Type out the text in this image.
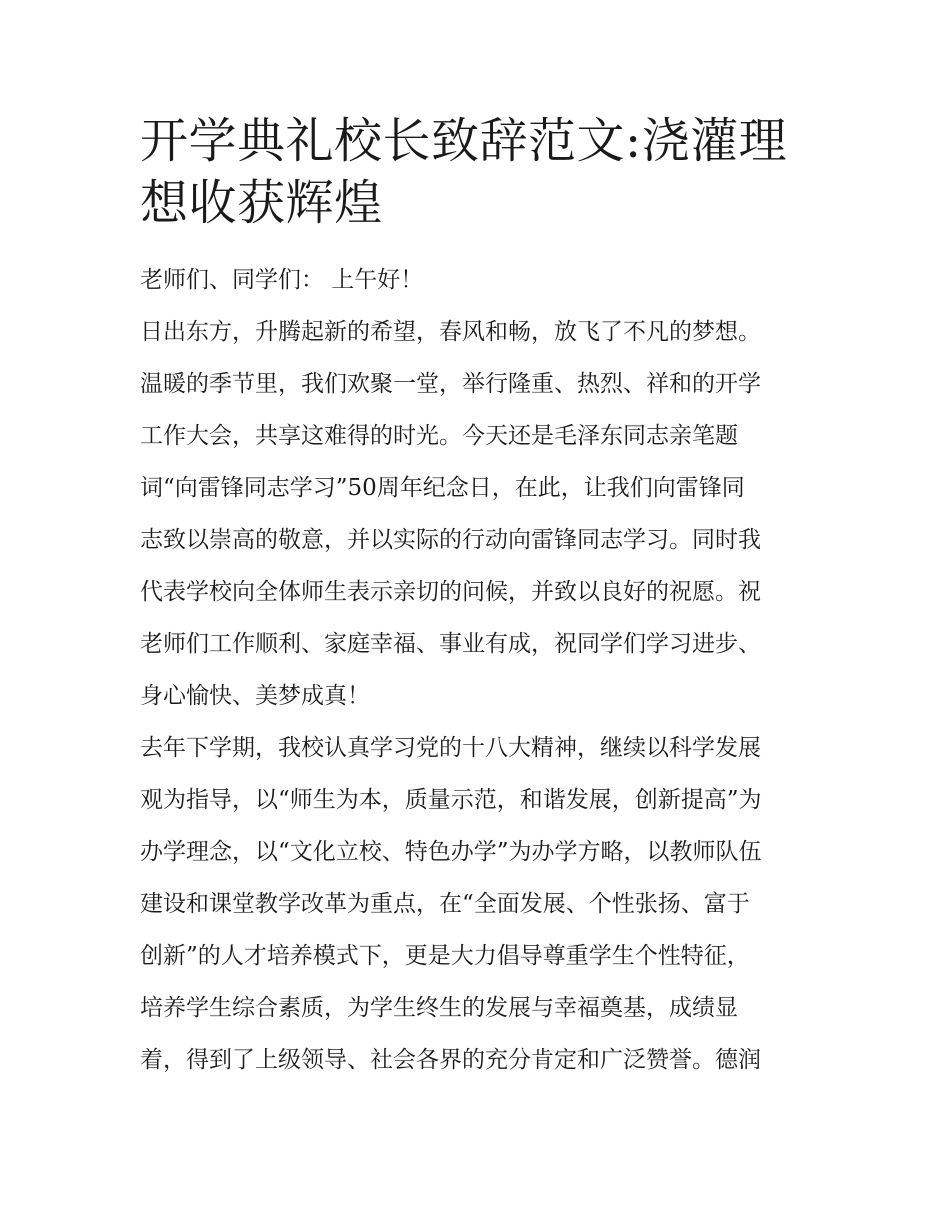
开学典礼校长致辞范文:浇灌理想收获辉煌

老师们、同学们： 上午好！

日出东方，升腾起新的希望，春风和畅，放飞了不凡的梦想。
温暖的季节里，我们欢聚一堂，举行隆重、热烈、祥和的开学
工作大会，共享这难得的时光。今天还是毛泽东同志亲笔题
词“向雷锋同志学习”50周年纪念日，在此，让我们向雷锋同
志致以崇高的敬意，并以实际的行动向雷锋同志学习。同时我
代表学校向全体师生表示亲切的问候，并致以良好的祝愿。祝
老师们工作顺利、家庭幸福、事业有成，祝同学们学习进步、
身心愉快、美梦成真！

去年下学期，我校认真学习党的十八大精神，继续以科学发展
观为指导，以“师生为本，质量示范，和谐发展，创新提高”为
办学理念，以“文化立校、特色办学”为办学方略，以教师队伍
建设和课堂教学改革为重点，在“全面发展、个性张扬、富于
创新”的人才培养模式下，更是大力倡导尊重学生个性特征，
培养学生综合素质，为学生终生的发展与幸福奠基，成绩显
着，得到了上级领导、社会各界的充分肯定和广泛赞誉。德润
